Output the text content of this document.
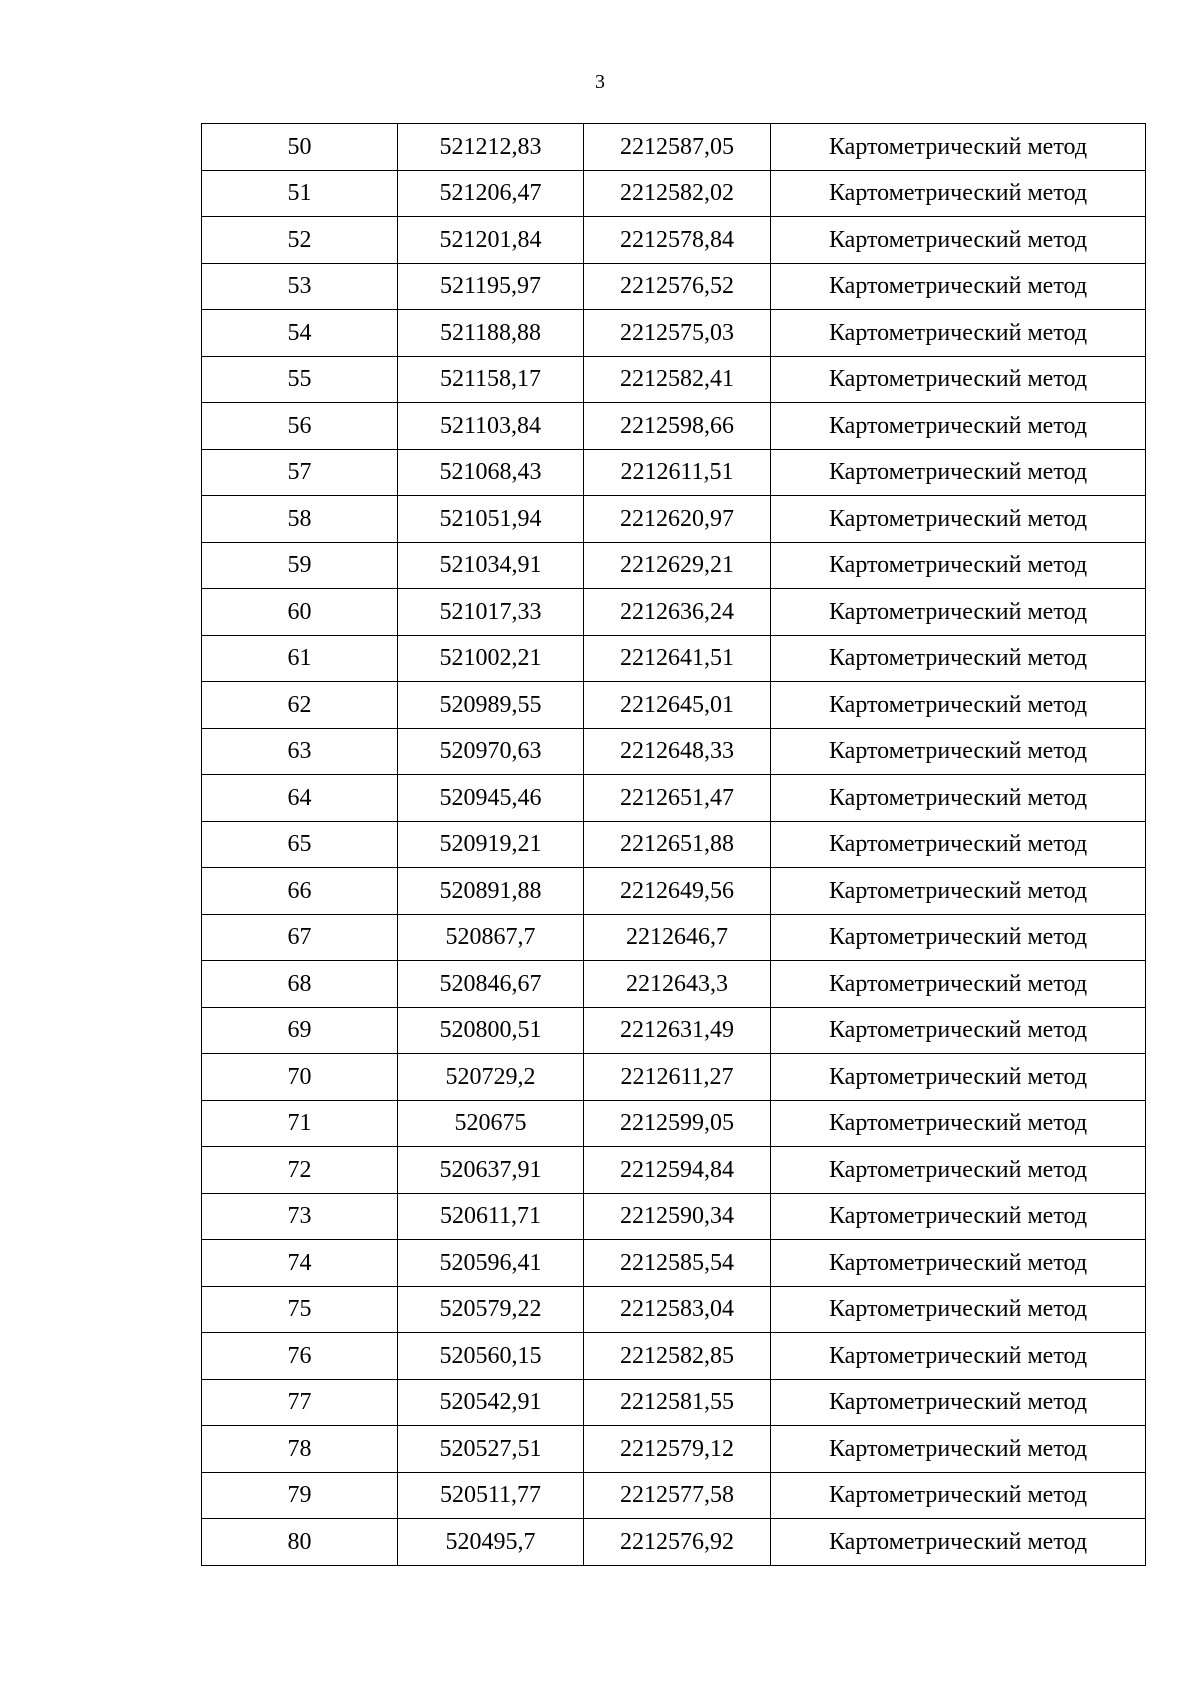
3
50	521212,83	2212587,05	Картометрический метод
51	521206,47	2212582,02	Картометрический метод
52	521201,84	2212578,84	Картометрический метод
53	521195,97	2212576,52	Картометрический метод
54	521188,88	2212575,03	Картометрический метод
55	521158,17	2212582,41	Картометрический метод
56	521103,84	2212598,66	Картометрический метод
57	521068,43	2212611,51	Картометрический метод
58	521051,94	2212620,97	Картометрический метод
59	521034,91	2212629,21	Картометрический метод
60	521017,33	2212636,24	Картометрический метод
61	521002,21	2212641,51	Картометрический метод
62	520989,55	2212645,01	Картометрический метод
63	520970,63	2212648,33	Картометрический метод
64	520945,46	2212651,47	Картометрический метод
65	520919,21	2212651,88	Картометрический метод
66	520891,88	2212649,56	Картометрический метод
67	520867,7	2212646,7	Картометрический метод
68	520846,67	2212643,3	Картометрический метод
69	520800,51	2212631,49	Картометрический метод
70	520729,2	2212611,27	Картометрический метод
71	520675	2212599,05	Картометрический метод
72	520637,91	2212594,84	Картометрический метод
73	520611,71	2212590,34	Картометрический метод
74	520596,41	2212585,54	Картометрический метод
75	520579,22	2212583,04	Картометрический метод
76	520560,15	2212582,85	Картометрический метод
77	520542,91	2212581,55	Картометрический метод
78	520527,51	2212579,12	Картометрический метод
79	520511,77	2212577,58	Картометрический метод
80	520495,7	2212576,92	Картометрический метод
